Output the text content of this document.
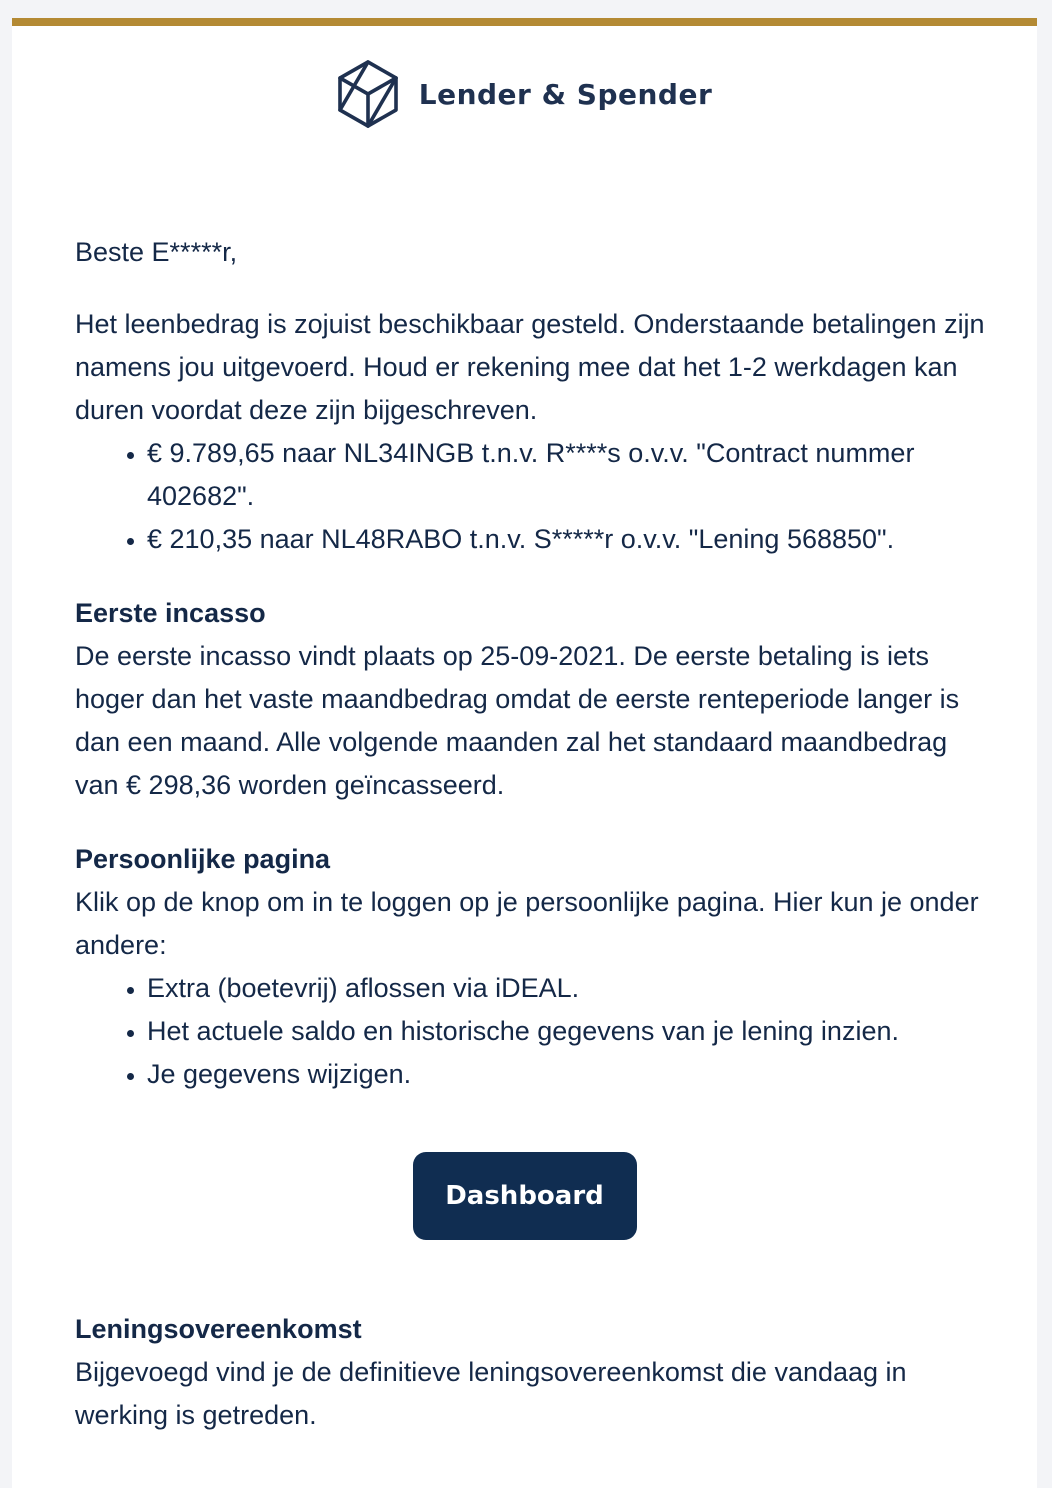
Lender & Spender

Beste E*****r,

Het leenbedrag is zojuist beschikbaar gesteld. Onderstaande betalingen zijn namens jou uitgevoerd. Houd er rekening mee dat het 1-2 werkdagen kan duren voordat deze zijn bijgeschreven.

• € 9.789,65 naar NL34INGB t.n.v. R****s o.v.v. "Contract nummer 402682".
• € 210,35 naar NL48RABO t.n.v. S*****r o.v.v. "Lening 568850".
Eerste incasso

De eerste incasso vindt plaats op 25-09-2021. De eerste betaling is iets hoger dan het vaste maandbedrag omdat de eerste renteperiode langer is dan een maand. Alle volgende maanden zal het standaard maandbedrag van € 298,36 worden geïncasseerd.

Persoonlijke pagina

Klik op de knop om in te loggen op je persoonlijke pagina. Hier kun je onder andere:

• Extra (boetevrij) aflossen via iDEAL.
• Het actuele saldo en historische gegevens van je lening inzien.
• Je gegevens wijzigen.
Dashboard
Leningsovereenkomst

Bijgevoegd vind je de definitieve leningsovereenkomst die vandaag in werking is getreden.
